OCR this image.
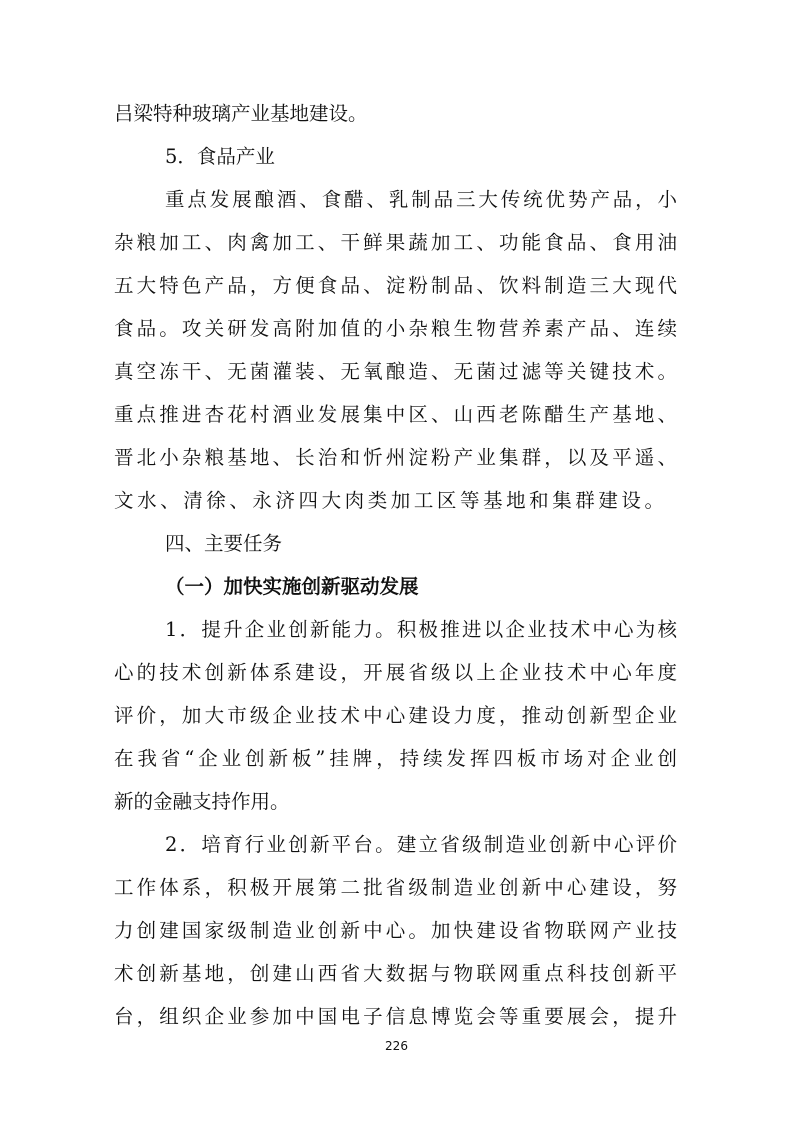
吕梁特种玻璃产业基地建设。
5．食品产业
重点发展酿酒、食醋、乳制品三大传统优势产品，小
杂粮加工、肉禽加工、干鲜果蔬加工、功能食品、食用油
五大特色产品，方便食品、淀粉制品、饮料制造三大现代
食品。攻关研发高附加值的小杂粮生物营养素产品、连续
真空冻干、无菌灌装、无氧酿造、无菌过滤等关键技术。
重点推进杏花村酒业发展集中区、山西老陈醋生产基地、
晋北小杂粮基地、长治和忻州淀粉产业集群，以及平遥、
文水、清徐、永济四大肉类加工区等基地和集群建设。
四、主要任务
（一）加快实施创新驱动发展
1．提升企业创新能力。积极推进以企业技术中心为核
心的技术创新体系建设，开展省级以上企业技术中心年度
评价，加大市级企业技术中心建设力度，推动创新型企业
在我省“企业创新板”挂牌，持续发挥四板市场对企业创
新的金融支持作用。
2．培育行业创新平台。建立省级制造业创新中心评价
工作体系，积极开展第二批省级制造业创新中心建设，努
力创建国家级制造业创新中心。加快建设省物联网产业技
术创新基地，创建山西省大数据与物联网重点科技创新平
台，组织企业参加中国电子信息博览会等重要展会，提升
226
